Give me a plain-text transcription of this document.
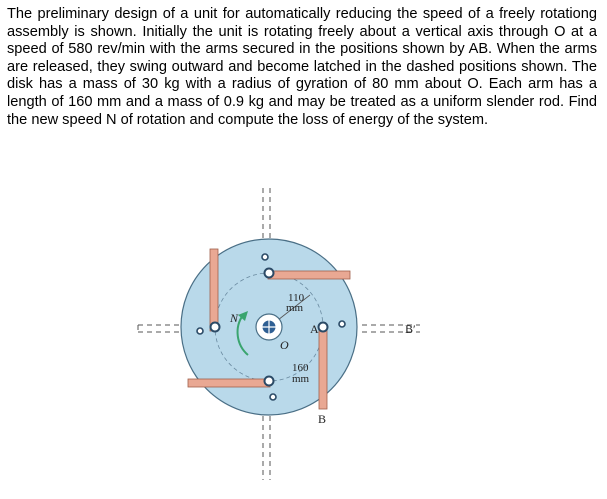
The preliminary design of a unit for automatically reducing the speed of a freely rotationg assembly is shown. Initially the unit is rotating freely about a vertical axis through O at a speed of 580 rev/min with the arms secured in the positions shown by AB. When the arms are released, they swing outward and become latched in the dashed positions shown. The disk has a mass of 30 kg with a radius of gyration of 80 mm about O. Each arm has a length of 160 mm and a mass of 0.9 kg and may be treated as a uniform slender rod. Find the new speed N of rotation and compute the loss of energy of the system.

110
mm
N
O
A
160
mm
B
B′
